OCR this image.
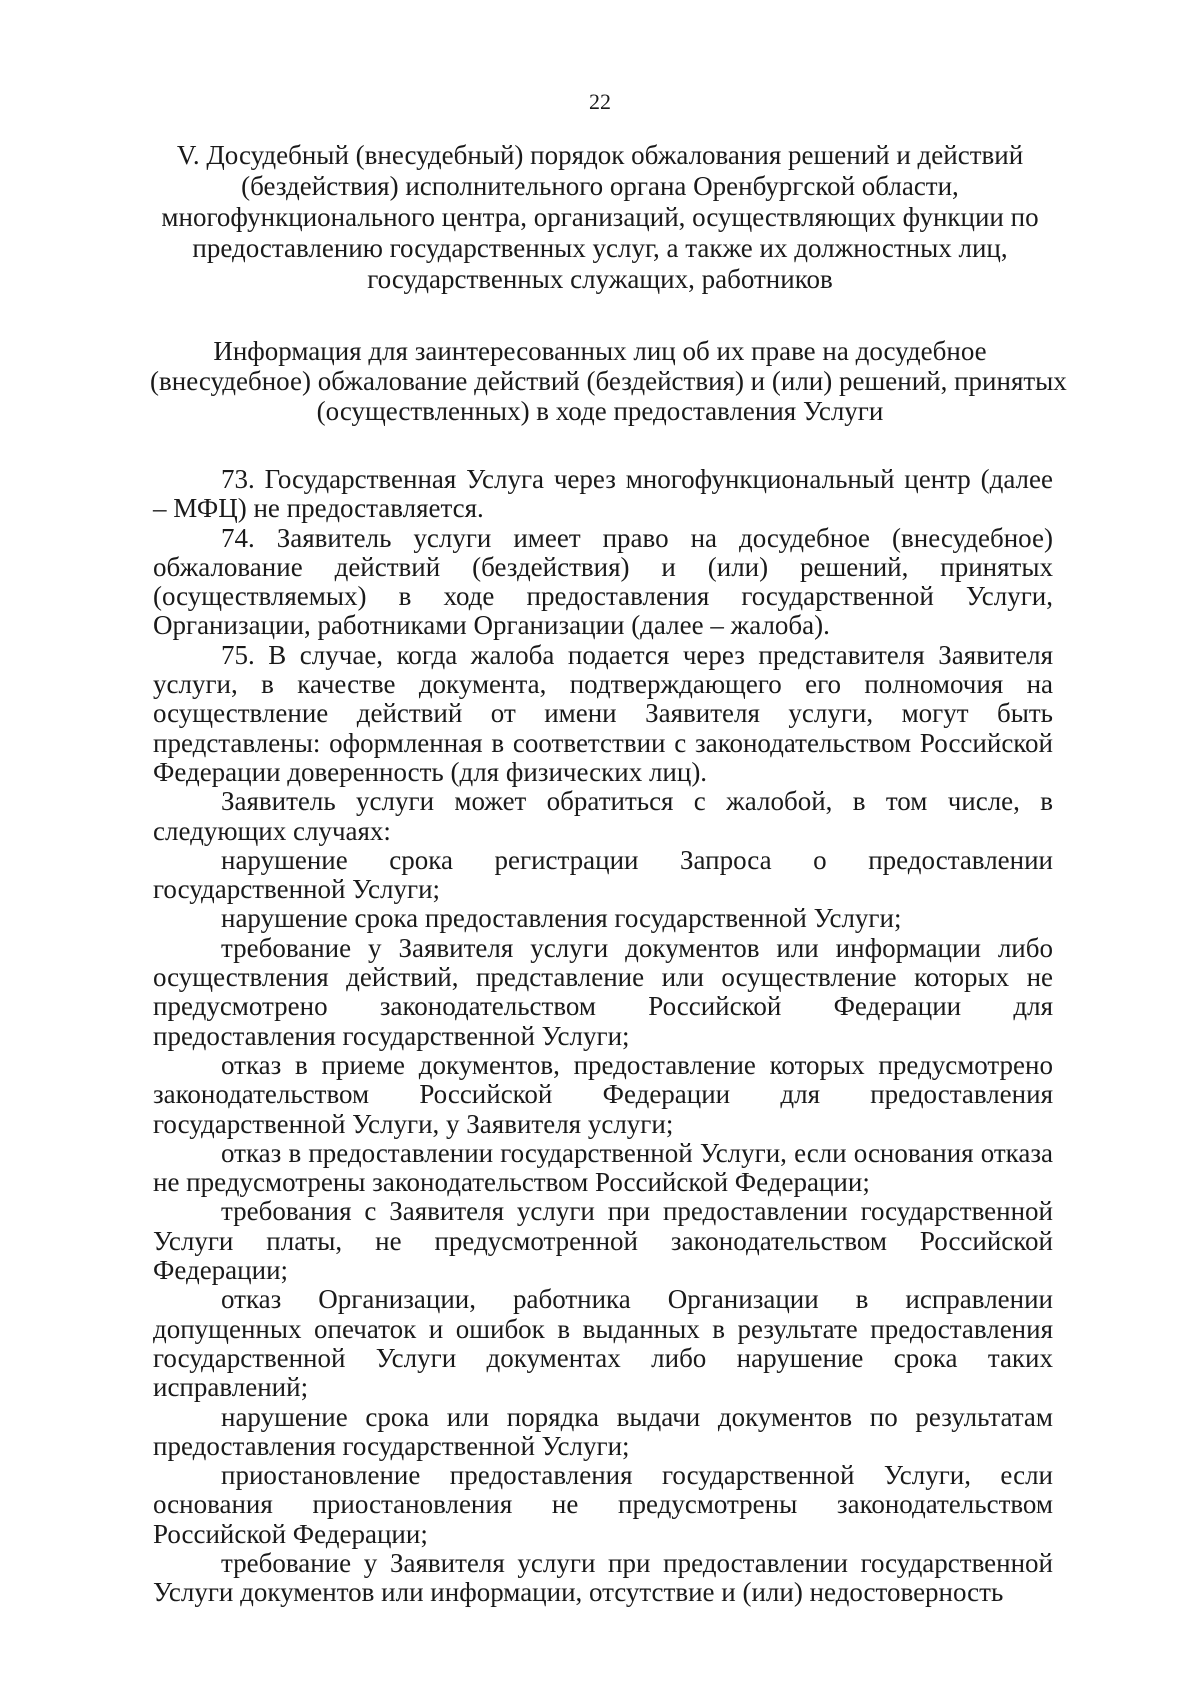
22
V. Досудебный (внесудебный) порядок обжалования решений и действий
(бездействия) исполнительного органа Оренбургской области,
многофункционального центра, организаций, осуществляющих функции по
предоставлению государственных услуг, а также их должностных лиц,
государственных служащих, работников
Информация для заинтересованных лиц об их праве на досудебное
(внесудебное) обжалование действий (бездействия) и (или) решений, принятых
(осуществленных) в ходе предоставления Услуги

73. Государственная Услуга через многофункциональный центр (далее – МФЦ) не предоставляется.

74. Заявитель услуги имеет право на досудебное (внесудебное) обжалование действий (бездействия) и (или) решений, принятых (осуществляемых) в ходе предоставления государственной Услуги, Организации, работниками Организации (далее – жалоба).

75. В случае, когда жалоба подается через представителя Заявителя услуги, в качестве документа, подтверждающего его полномочия на осуществление действий от имени Заявителя услуги, могут быть представлены: оформленная в соответствии с законодательством Российской Федерации доверенность (для физических лиц).

Заявитель услуги может обратиться с жалобой, в том числе, в следующих случаях:

нарушение срока регистрации Запроса о предоставлении государственной Услуги;

нарушение срока предоставления государственной Услуги;

требование у Заявителя услуги документов или информации либо осуществления действий, представление или осуществление которых не предусмотрено законодательством Российской Федерации для предоставления государственной Услуги;

отказ в приеме документов, предоставление которых предусмотрено законодательством Российской Федерации для предоставления государственной Услуги, у Заявителя услуги;

отказ в предоставлении государственной Услуги, если основания отказа не предусмотрены законодательством Российской Федерации;

требования с Заявителя услуги при предоставлении государственной Услуги платы, не предусмотренной законодательством Российской Федерации;

отказ Организации, работника Организации в исправлении допущенных опечаток и ошибок в выданных в результате предоставления государственной Услуги документах либо нарушение срока таких исправлений;

нарушение срока или порядка выдачи документов по результатам предоставления государственной Услуги;

приостановление предоставления государственной Услуги, если основания приостановления не предусмотрены законодательством Российской Федерации;

требование у Заявителя услуги при предоставлении государственной Услуги документов или информации, отсутствие и (или) недостоверность
